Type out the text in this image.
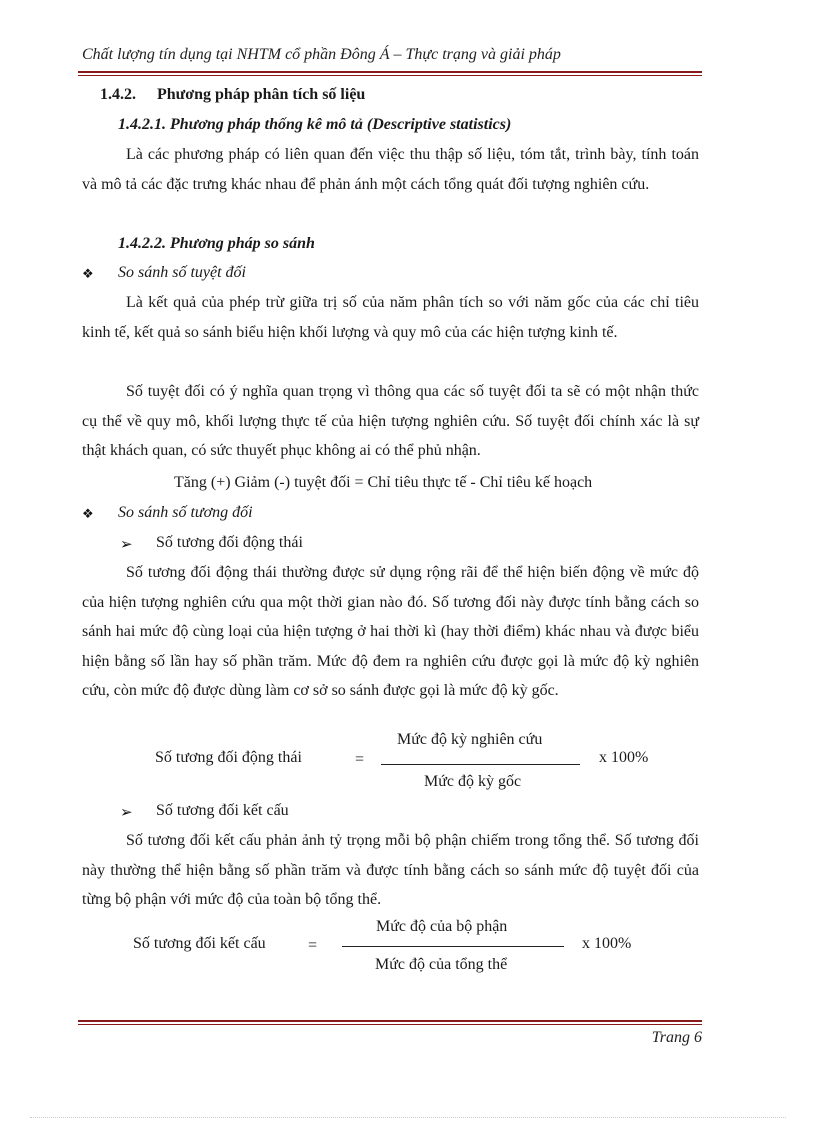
Chất lượng tín dụng tại NHTM cổ phần Đông Á – Thực trạng và giải pháp
1.4.2. Phương pháp phân tích số liệu
1.4.2.1. Phương pháp thống kê mô tả (Descriptive statistics)
Là các phương pháp có liên quan đến việc thu thập số liệu, tóm tắt, trình bày, tính toán và mô tả các đặc trưng khác nhau để phản ánh một cách tổng quát đối tượng nghiên cứu.
1.4.2.2. Phương pháp so sánh
❖ So sánh số tuyệt đối
Là kết quả của phép trừ giữa trị số của năm phân tích so với năm gốc của các chỉ tiêu kinh tế, kết quả so sánh biểu hiện khối lượng và quy mô của các hiện tượng kinh tế.
Số tuyệt đối có ý nghĩa quan trọng vì thông qua các số tuyệt đối ta sẽ có một nhận thức cụ thể về quy mô, khối lượng thực tế của hiện tượng nghiên cứu. Số tuyệt đối chính xác là sự thật khách quan, có sức thuyết phục không ai có thể phủ nhận.
Tăng (+) Giảm (-) tuyệt đối = Chỉ tiêu thực tế - Chỉ tiêu kế hoạch
❖ So sánh số tương đối
➢ Số tương đối động thái
Số tương đối động thái thường được sử dụng rộng rãi để thể hiện biến động về mức độ của hiện tượng nghiên cứu qua một thời gian nào đó. Số tương đối này được tính bằng cách so sánh hai mức độ cùng loại của hiện tượng ở hai thời kì (hay thời điểm) khác nhau và được biểu hiện bằng số lần hay số phần trăm. Mức độ đem ra nghiên cứu được gọi là mức độ kỳ nghiên cứu, còn mức độ được dùng làm cơ sở so sánh được gọi là mức độ kỳ gốc.
Số tương đối động thái	=
Mức độ kỳ nghiên cứu
Mức độ kỳ gốc
x 100%
➢ Số tương đối kết cấu
Số tương đối kết cấu phản ảnh tỷ trọng mỗi bộ phận chiếm trong tổng thể. Số tương đối này thường thể hiện bằng số phần trăm và được tính bằng cách so sánh mức độ tuyệt đối của từng bộ phận với mức độ của toàn bộ tổng thể.
Số tương đối kết cấu	=
Mức độ của bộ phận
Mức độ của tổng thể
x 100%
Trang 6
